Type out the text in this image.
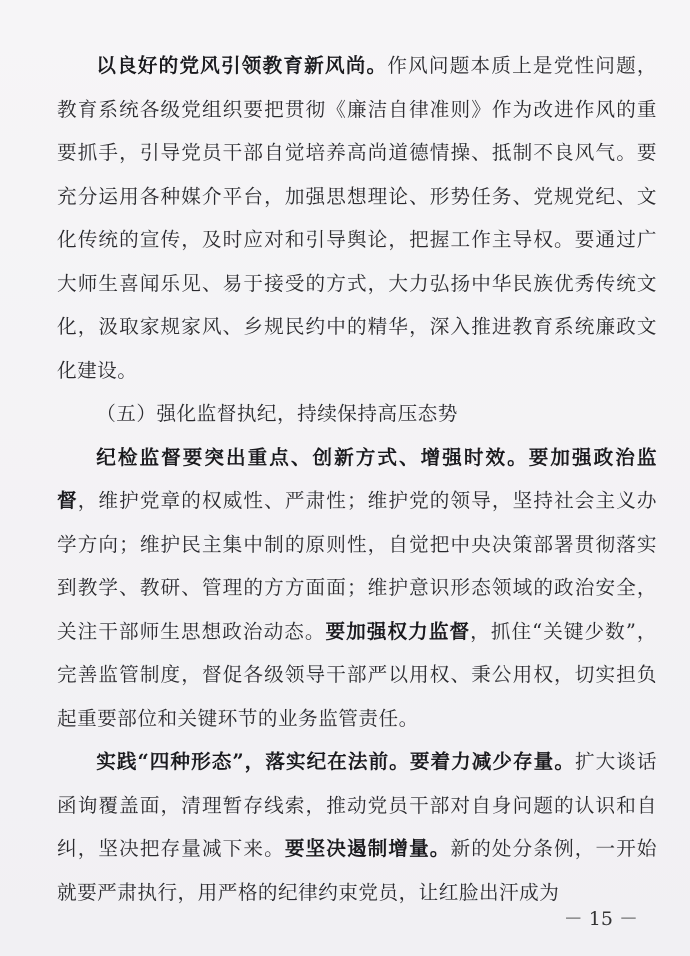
以良好的党风引领教育新风尚。作风问题本质上是党性问题，教育系统各级党组织要把贯彻《廉洁自律准则》作为改进作风的重要抓手，引导党员干部自觉培养高尚道德情操、抵制不良风气。要充分运用各种媒介平台，加强思想理论、形势任务、党规党纪、文化传统的宣传，及时应对和引导舆论，把握工作主导权。要通过广大师生喜闻乐见、易于接受的方式，大力弘扬中华民族优秀传统文化，汲取家规家风、乡规民约中的精华，深入推进教育系统廉政文化建设。

（五）强化监督执纪，持续保持高压态势

纪检监督要突出重点、创新方式、增强时效。要加强政治监督，维护党章的权威性、严肃性；维护党的领导，坚持社会主义办学方向；维护民主集中制的原则性，自觉把中央决策部署贯彻落实到教学、教研、管理的方方面面；维护意识形态领域的政治安全，关注干部师生思想政治动态。要加强权力监督，抓住“关键少数”，完善监管制度，督促各级领导干部严以用权、秉公用权，切实担负起重要部位和关键环节的业务监管责任。

实践“四种形态”，落实纪在法前。要着力减少存量。扩大谈话函询覆盖面，清理暂存线索，推动党员干部对自身问题的认识和自纠，坚决把存量减下来。要坚决遏制增量。新的处分条例，一开始就要严肃执行，用严格的纪律约束党员，让红脸出汗成为

－ 15 －
